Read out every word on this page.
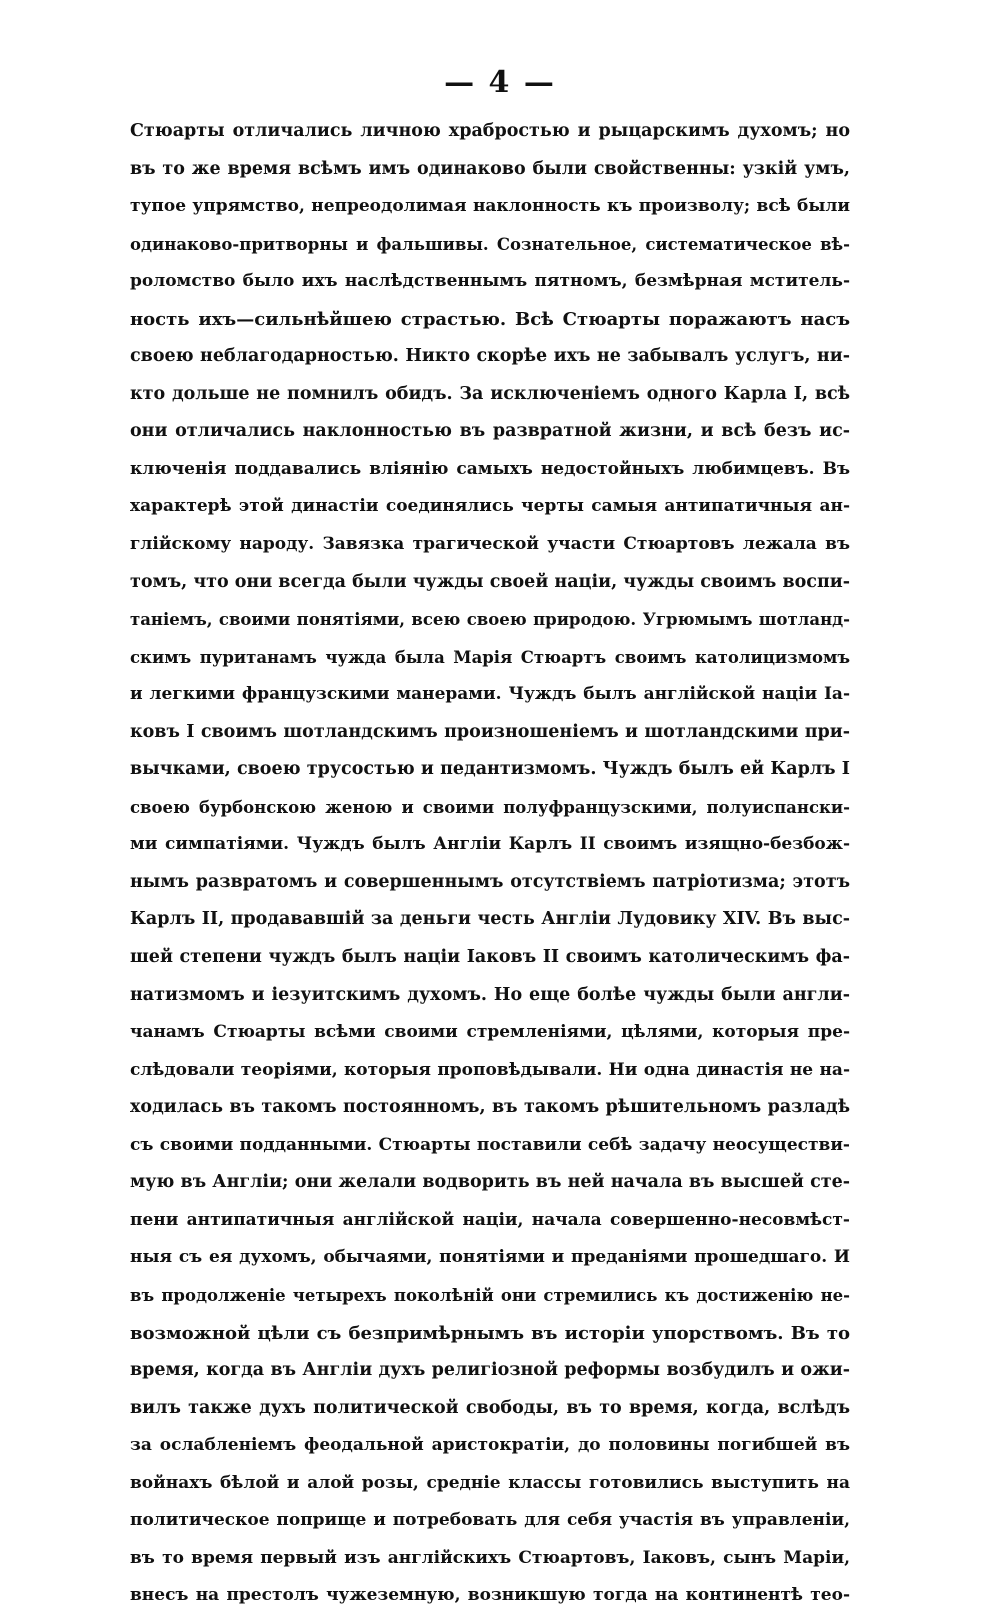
— 4 —
Стюарты отличались личною храбростью и рыцарскимъ духомъ; но
въ то же время всѣмъ имъ одинаково были свойственны: узкій умъ,
тупое упрямство, непреодолимая наклонность къ произволу; всѣ были
одинаково-притворны и фальшивы. Сознательное, систематическое вѣ-
роломство было ихъ наслѣдственнымъ пятномъ, безмѣрная мститель-
ность ихъ—сильнѣйшею страстью. Всѣ Стюарты поражаютъ насъ
своею неблагодарностью. Никто скорѣе ихъ не забывалъ услугъ, ни-
кто дольше не помнилъ обидъ. За исключеніемъ одного Карла I, всѣ
они отличались наклонностью въ развратной жизни, и всѣ безъ ис-
ключенія поддавались вліянію самыхъ недостойныхъ любимцевъ. Въ
характерѣ этой династіи соединялись черты самыя антипатичныя ан-
глійскому народу. Завязка трагической участи Стюартовъ лежала въ
томъ, что они всегда были чужды своей націи, чужды своимъ воспи-
таніемъ, своими понятіями, всею своею природою. Угрюмымъ шотланд-
скимъ пуританамъ чужда была Марія Стюартъ своимъ католицизмомъ
и легкими французскими манерами. Чуждъ былъ англійской націи Іа-
ковъ I своимъ шотландскимъ произношеніемъ и шотландскими при-
вычками, своею трусостью и педантизмомъ. Чуждъ былъ ей Карлъ I
своею бурбонскою женою и своими полуфранцузскими, полуиспански-
ми симпатіями. Чуждъ былъ Англіи Карлъ II своимъ изящно-безбож-
нымъ развратомъ и совершеннымъ отсутствіемъ патріотизма; этотъ
Карлъ II, продававшій за деньги честь Англіи Лудовику XIV. Въ выс-
шей степени чуждъ былъ націи Іаковъ II своимъ католическимъ фа-
натизмомъ и іезуитскимъ духомъ. Но еще болѣе чужды были англи-
чанамъ Стюарты всѣми своими стремленіями, цѣлями, которыя пре-
слѣдовали теоріями, которыя проповѣдывали. Ни одна династія не на-
ходилась въ такомъ постоянномъ, въ такомъ рѣшительномъ разладѣ
съ своими подданными. Стюарты поставили себѣ задачу неосуществи-
мую въ Англіи; они желали водворить въ ней начала въ высшей сте-
пени антипатичныя англійской націи, начала совершенно-несовмѣст-
ныя съ ея духомъ, обычаями, понятіями и преданіями прошедшаго. И
въ продолженіе четырехъ поколѣній они стремились къ достиженію не-
возможной цѣли съ безпримѣрнымъ въ исторіи упорствомъ. Въ то
время, когда въ Англіи духъ религіозной реформы возбудилъ и ожи-
вилъ также духъ политической свободы, въ то время, когда, вслѣдъ
за ослабленіемъ феодальной аристократіи, до половины погибшей въ
войнахъ бѣлой и алой розы, средніе классы готовились выступить на
политическое поприще и потребовать для себя участія въ управленіи,
въ то время первый изъ англійскихъ Стюартовъ, Іаковъ, сынъ Маріи,
внесъ на престолъ чужеземную, возникшую тогда на континентѣ тео-
